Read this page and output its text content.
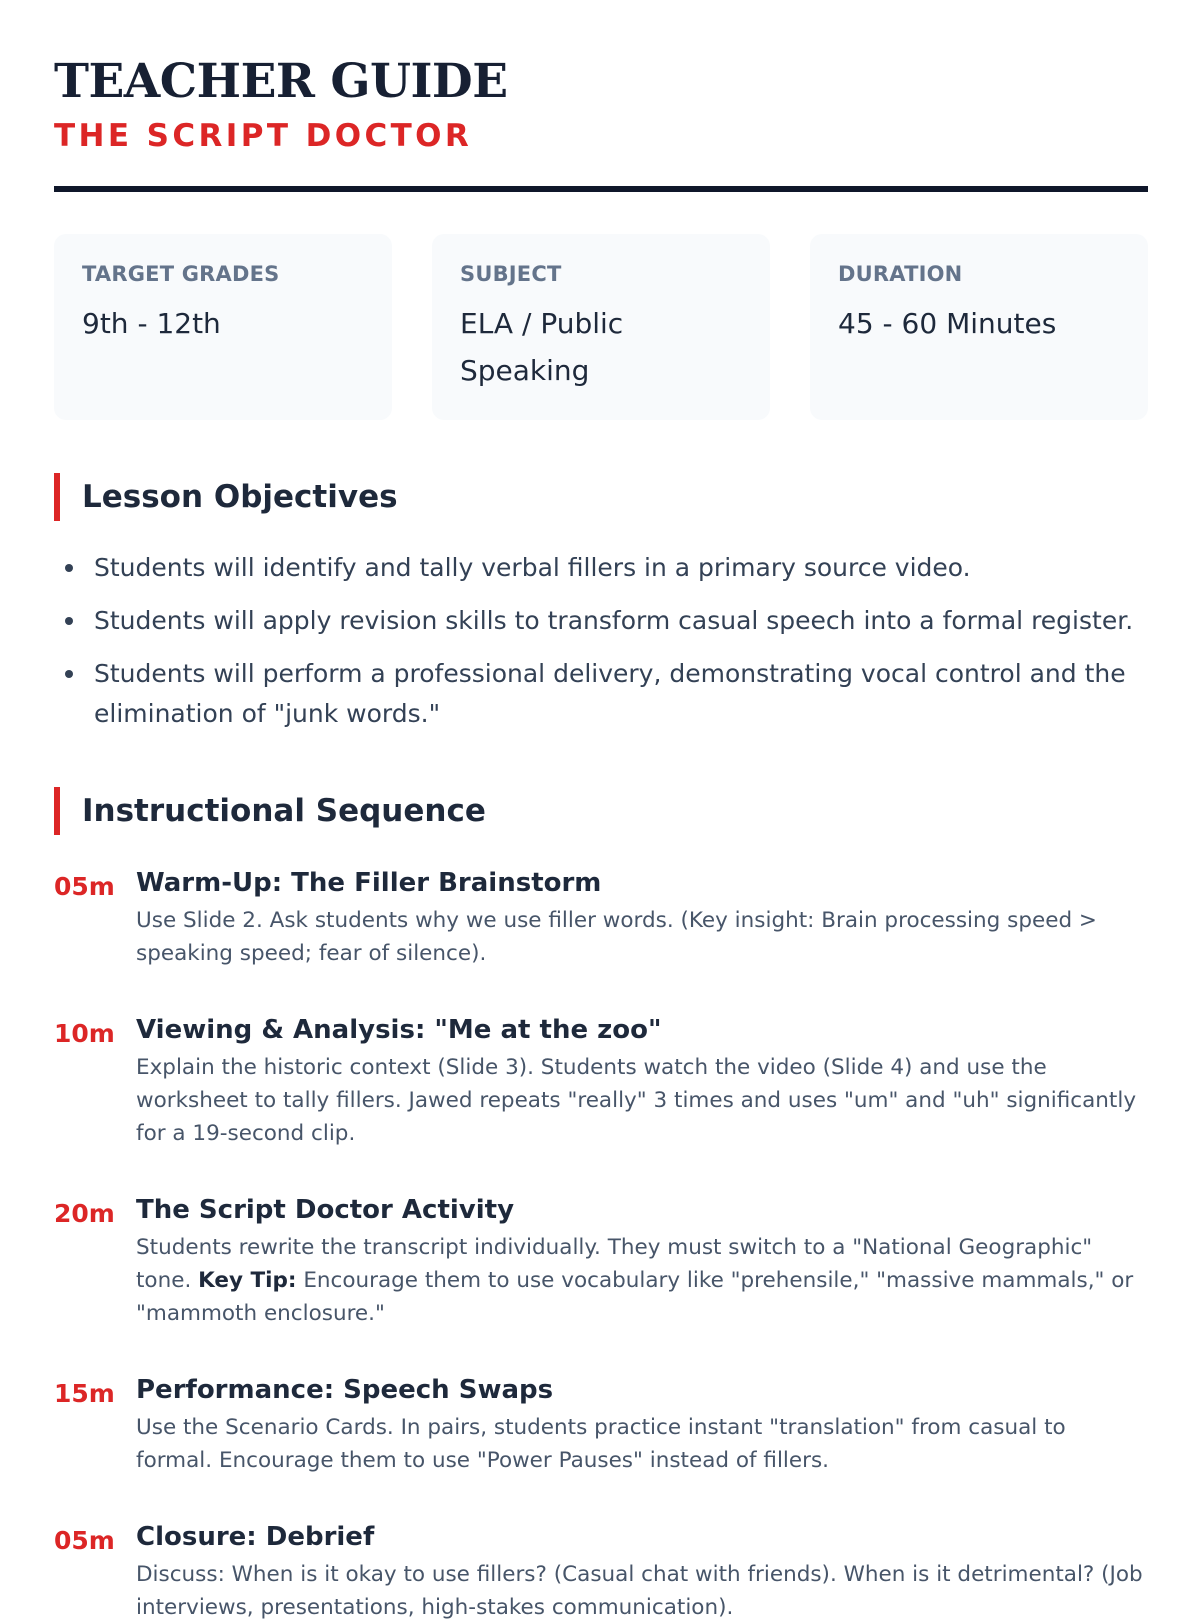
TEACHER GUIDE
THE SCRIPT DOCTOR
TARGET GRADES
9th - 12th
SUBJECT
ELA / Public Speaking
DURATION
45 - 60 Minutes
Lesson Objectives
Students will identify and tally verbal fillers in a primary source video.
Students will apply revision skills to transform casual speech into a formal register.
Students will perform a professional delivery, demonstrating vocal control and the elimination of "junk words."
Instructional Sequence
05m Warm-Up: The Filler Brainstorm
Use Slide 2. Ask students why we use filler words. (Key insight: Brain processing speed > speaking speed; fear of silence).
10m Viewing & Analysis: "Me at the zoo"
Explain the historic context (Slide 3). Students watch the video (Slide 4) and use the worksheet to tally fillers. Jawed repeats "really" 3 times and uses "um" and "uh" significantly for a 19-second clip.
20m The Script Doctor Activity
Students rewrite the transcript individually. They must switch to a "National Geographic" tone. Key Tip: Encourage them to use vocabulary like "prehensile," "massive mammals," or "mammoth enclosure."
15m Performance: Speech Swaps
Use the Scenario Cards. In pairs, students practice instant "translation" from casual to formal. Encourage them to use "Power Pauses" instead of fillers.
05m Closure: Debrief
Discuss: When is it okay to use fillers? (Casual chat with friends). When is it detrimental? (Job interviews, presentations, high-stakes communication).
